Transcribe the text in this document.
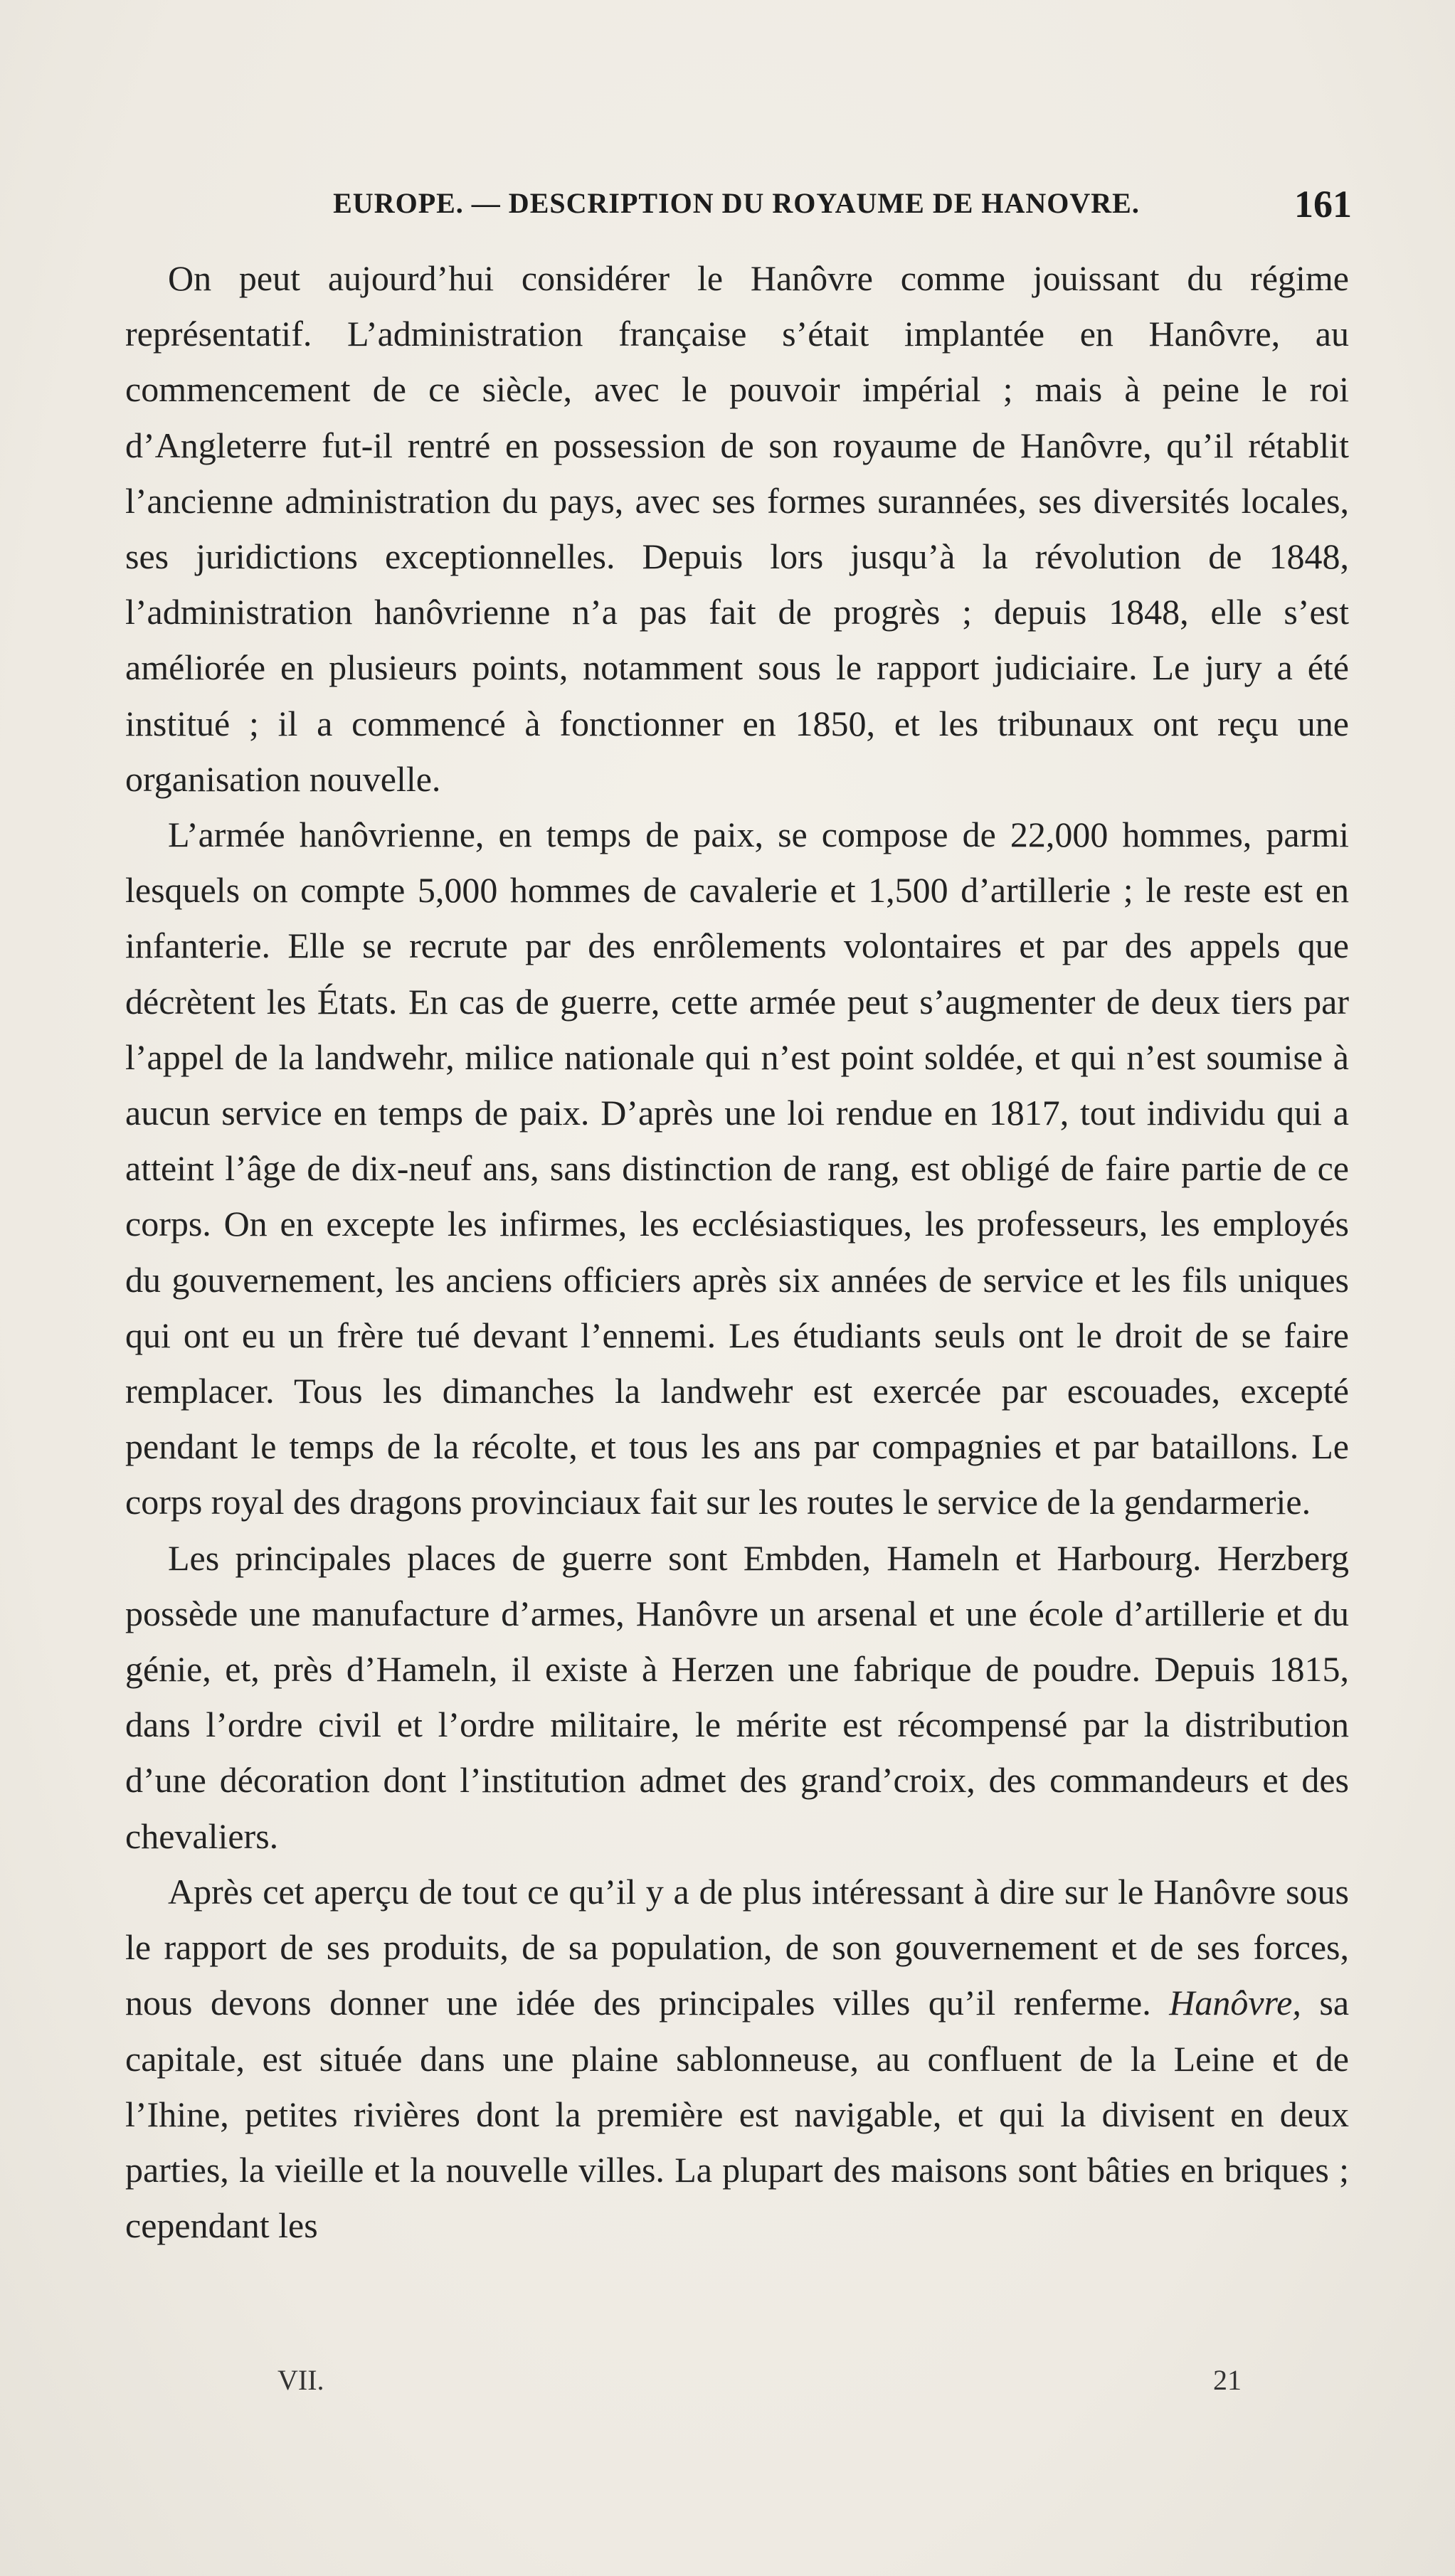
EUROPE. — DESCRIPTION DU ROYAUME DE HANOVRE.	161

On peut aujourd’hui considérer le Hanôvre comme jouissant du régime représentatif. L’administration française s’était implantée en Hanôvre, au commencement de ce siècle, avec le pouvoir impérial ; mais à peine le roi d’Angleterre fut-il rentré en possession de son royaume de Hanôvre, qu’il rétablit l’ancienne administration du pays, avec ses formes surannées, ses diversités locales, ses juridictions exceptionnelles. Depuis lors jusqu’à la révolution de 1848, l’administration hanôvrienne n’a pas fait de progrès ; depuis 1848, elle s’est améliorée en plusieurs points, notamment sous le rapport judiciaire. Le jury a été institué ; il a commencé à fonctionner en 1850, et les tribunaux ont reçu une organisation nouvelle.

L’armée hanôvrienne, en temps de paix, se compose de 22,000 hommes, parmi lesquels on compte 5,000 hommes de cavalerie et 1,500 d’artillerie ; le reste est en infanterie. Elle se recrute par des enrôlements volontaires et par des appels que décrètent les États. En cas de guerre, cette armée peut s’augmenter de deux tiers par l’appel de la landwehr, milice nationale qui n’est point soldée, et qui n’est soumise à aucun service en temps de paix. D’après une loi rendue en 1817, tout individu qui a atteint l’âge de dix-neuf ans, sans distinction de rang, est obligé de faire partie de ce corps. On en excepte les infirmes, les ecclésiastiques, les professeurs, les employés du gouvernement, les anciens officiers après six années de service et les fils uniques qui ont eu un frère tué devant l’ennemi. Les étudiants seuls ont le droit de se faire remplacer. Tous les dimanches la landwehr est exercée par escouades, excepté pendant le temps de la récolte, et tous les ans par compagnies et par bataillons. Le corps royal des dragons provinciaux fait sur les routes le service de la gendarmerie.

Les principales places de guerre sont Embden, Hameln et Harbourg. Herzberg possède une manufacture d’armes, Hanôvre un arsenal et une école d’artillerie et du génie, et, près d’Hameln, il existe à Herzen une fabrique de poudre. Depuis 1815, dans l’ordre civil et l’ordre militaire, le mérite est récompensé par la distribution d’une décoration dont l’institution admet des grand’croix, des commandeurs et des chevaliers.

Après cet aperçu de tout ce qu’il y a de plus intéressant à dire sur le Hanôvre sous le rapport de ses produits, de sa population, de son gouvernement et de ses forces, nous devons donner une idée des principales villes qu’il renferme. Hanôvre, sa capitale, est située dans une plaine sablonneuse, au confluent de la Leine et de l’Ihine, petites rivières dont la première est navigable, et qui la divisent en deux parties, la vieille et la nouvelle villes. La plupart des maisons sont bâties en briques ; cependant les

VII.	21
